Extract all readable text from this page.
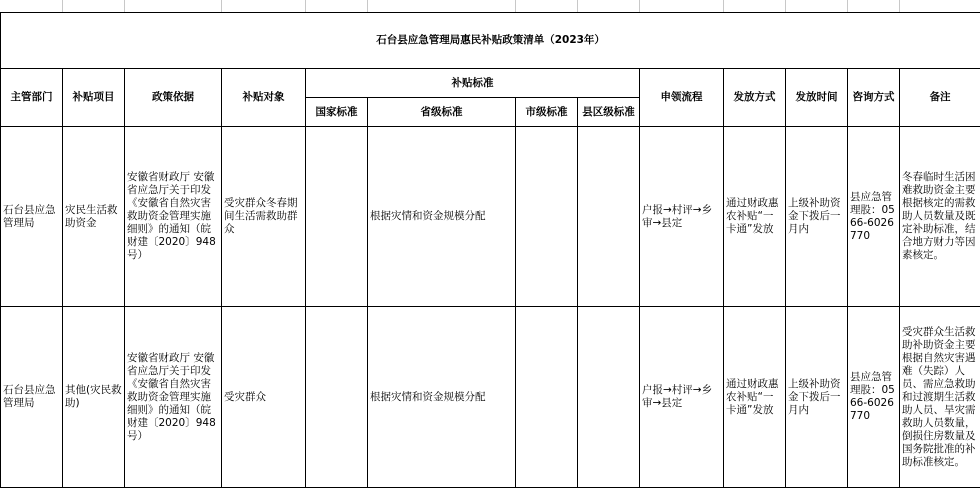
石台县应急管理局惠民补贴政策清单（2023年）												
主管部门	补贴项目	政策依据	补贴对象	补贴标准				申领流程	发放方式	发放时间	咨询方式	备注
				国家标准	省级标准	市级标准	县区级标准					
石台县应急管理局	灾民生活救助资金	安徽省财政厅 安徽省应急厅关于印发《安徽省自然灾害救助资金管理实施细则》的通知（皖财建〔2020〕948 号）	受灾群众冬春期间生活需救助群众		根据灾情和资金规模分配			户报→村评→乡审→县定	通过财政惠农补贴“一卡通”发放	上级补助资金下拨后一月内	县应急管理股：0566-6026770	冬春临时生活困难救助资金主要根据核定的需救助人员数量及既定补助标准，结合地方财力等因素核定。
石台县应急管理局	其他(灾民救助)	安徽省财政厅 安徽省应急厅关于印发《安徽省自然灾害救助资金管理实施细则》的通知（皖财建〔2020〕948 号）	受灾群众		根据灾情和资金规模分配			户报→村评→乡审→县定	通过财政惠农补贴“一卡通”发放	上级补助资金下拨后一月内	县应急管理股：0566-6026770	受灾群众生活救助补助资金主要根据自然灾害遇难（失踪）人员、需应急救助和过渡期生活救助人员、旱灾需救助人员数量，倒损住房数量及国务院批准的补助标准核定。
